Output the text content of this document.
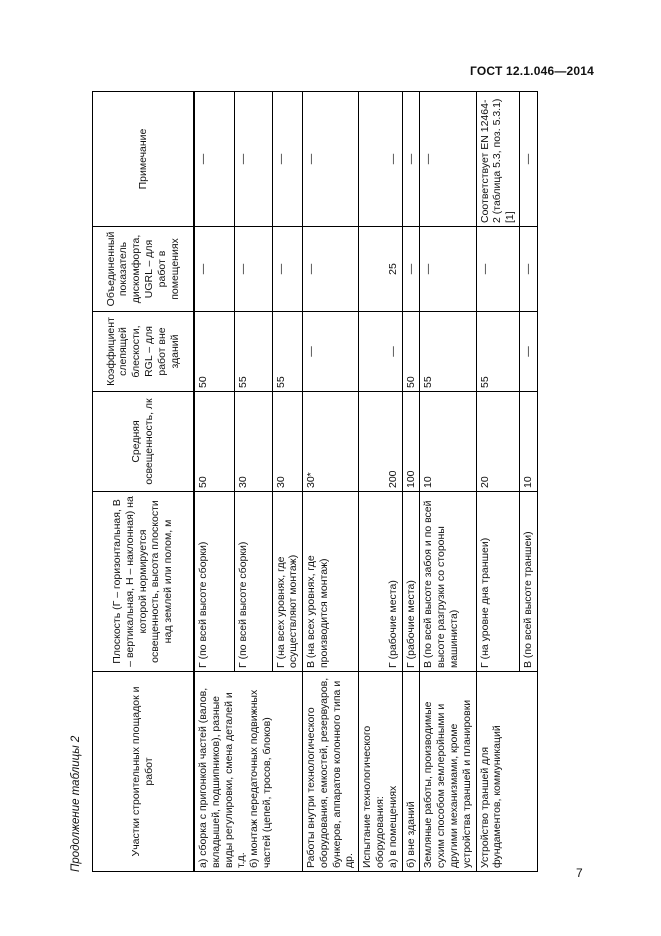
ГОСТ 12.1.046—2014
Продолжение таблицы 2	Участки строительных площадок и работ	Плоскость (Г – горизонтальная, В – вертикальная, Н – наклонная) на которой нормируется освещенность, высота плоскости над землей или полом, м	Средняя освещенность, лк	Коэффициент слепящей блескости, RGL – для работ вне зданий	Объединенный показатель дискомфорта, UGRL – для работ в помещениях	Примечание

а) сборка с пригонкой частей (валов, вкладышей, подшипников), разные виды регулировки, смена деталей и т.д. б) монтаж передаточных подвижных частей (цепей, тросов, блоков)	Г (по всей высоте сборки)	50	50	—	—
	Г (по всей высоте сборки)	30	55	—	—
	Г (на всех уровнях, где осуществляют монтаж)	30	55	—	—
Работы внутри технологического оборудования, емкостей, резервуаров, бункеров, аппаратов колонного типа и др.	В (на всех уровнях, где производится монтаж)	30*	—	—	—

Испытание технологического оборудования: а) в помещениях	Г (рабочие места)	200	—	25	—
б) вне зданий	Г (рабочие места)	100	50	—	—
Земляные работы, производимые сухим способом землеройными и другими механизмами, кроме устройства траншей и планировки	В (по всей высоте забоя и по всей высоте разгрузки со стороны машиниста)	10	55	—	—
Устройство траншей для фундаментов, коммуникаций	Г (на уровне дна траншеи)	20	55	—	Соответствует EN 12464-2 (таблица 5.3, поз. 5.3.1) [1]
	В (по всей высоте траншеи)	10	—	—	—
7
